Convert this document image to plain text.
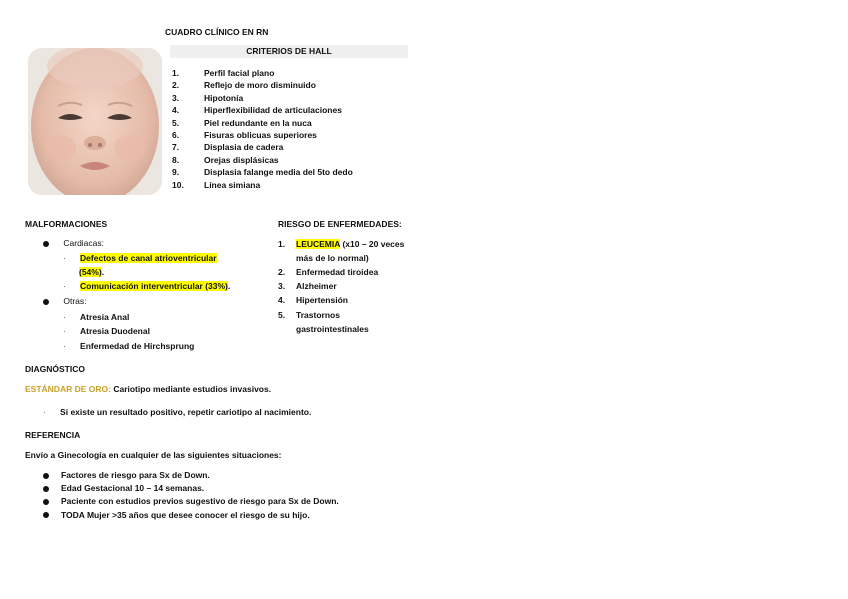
CUADRO CLÍNICO EN RN
CRITERIOS DE HALL
1.	Perfil facial plano
2.	Reflejo de moro disminuido
3.	Hipotonía
4.	Hiperflexibilidad de articulaciones
5.	Piel redundante en la nuca
6.	Fisuras oblicuas superiores
7.	Displasia de cadera
8.	Orejas displásicas
9.	Displasia falange media del 5to dedo
10. Línea simiana
MALFORMACIONES
Cardiacas:
· Defectos de canal atrioventricular
(54%).
· Comunicación interventricular (33%).
Otras:
· Atresia Anal
· Atresia Duodenal
· Enfermedad de Hirchsprung
RIESGO DE ENFERMEDADES:
1. LEUCEMIA (x10 – 20 veces
más de lo normal)
2. Enfermedad tiroidea
3. Alzheimer
4. Hipertensión
5. Trastornos
gastrointestinales
DIAGNÓSTICO
ESTÁNDAR DE ORO: Cariotipo mediante estudios invasivos.
· Si existe un resultado positivo, repetir cariotipo al nacimiento.
REFERENCIA
Envío a Ginecología en cualquier de las siguientes situaciones:
Factores de riesgo para Sx de Down.
Edad Gestacional 10 – 14 semanas.
Paciente con estudios previos sugestivo de riesgo para Sx de Down.
TODA Mujer >35 años que desee conocer el riesgo de su hijo.
